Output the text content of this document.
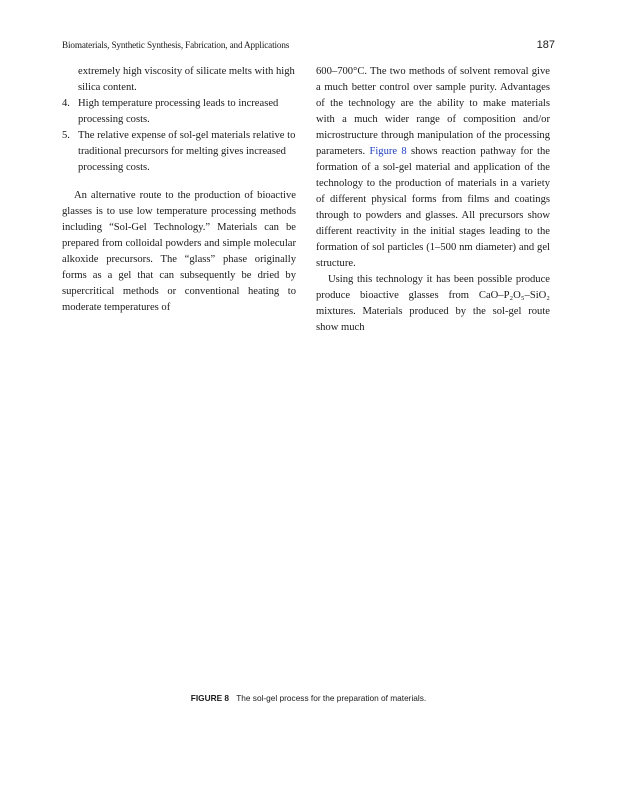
Biomaterials, Synthetic Synthesis, Fabrication, and Applications	187
extremely high viscosity of silicate melts with high silica content.
4. High temperature processing leads to increased processing costs.
5. The relative expense of sol-gel materials relative to traditional precursors for melting gives increased processing costs.

An alternative route to the production of bioactive glasses is to use low temperature processing methods including “Sol-Gel Technology.” Materials can be prepared from colloidal powders and simple molecular alkoxide precursors. The “glass” phase originally forms as a gel that can subsequently be dried by supercritical methods or conventional heating to moderate temperatures of

600–700°C. The two methods of solvent removal give a much better control over sample purity. Advantages of the technology are the ability to make materials with a much wider range of composition and/or microstructure through manipulation of the processing parameters. Figure 8 shows reaction pathway for the formation of a sol-gel material and application of the technology to the production of materials in a variety of different physical forms from films and coatings through to powders and glasses. All precursors show different reactivity in the initial stages leading to the formation of sol particles (1–500 nm diameter) and gel structure.

Using this technology it has been possible produce produce bioactive glasses from CaO–P₂O₅–SiO₂ mixtures. Materials produced by the sol-gel route show much

FIGURE 8 The sol-gel process for the preparation of materials.
